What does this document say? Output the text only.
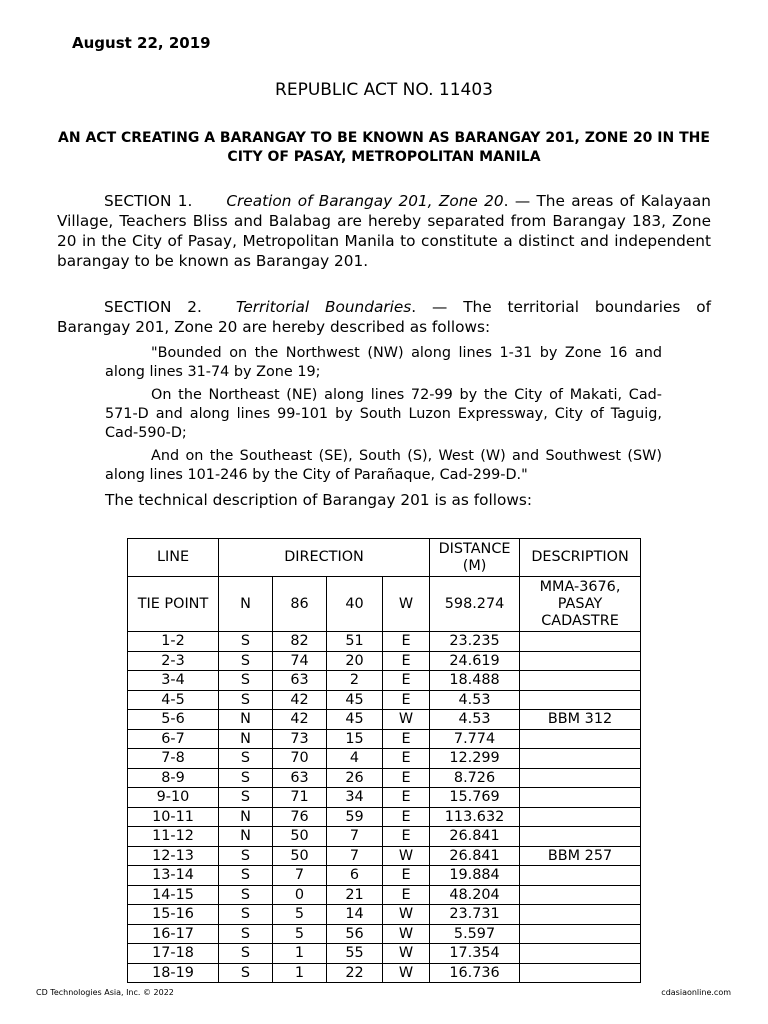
August 22, 2019
REPUBLIC ACT NO. 11403
AN ACT CREATING A BARANGAY TO BE KNOWN AS BARANGAY 201, ZONE 20 IN THE CITY OF PASAY, METROPOLITAN MANILA

SECTION 1. Creation of Barangay 201, Zone 20. — The areas of Kalayaan Village, Teachers Bliss and Balabag are hereby separated from Barangay 183, Zone 20 in the City of Pasay, Metropolitan Manila to constitute a distinct and independent barangay to be known as Barangay 201.

SECTION 2. Territorial Boundaries. — The territorial boundaries of Barangay 201, Zone 20 are hereby described as follows:

"Bounded on the Northwest (NW) along lines 1-31 by Zone 16 and along lines 31-74 by Zone 19;

On the Northeast (NE) along lines 72-99 by the City of Makati, Cad-571-D and along lines 99-101 by South Luzon Expressway, City of Taguig, Cad-590-D;

And on the Southeast (SE), South (S), West (W) and Southwest (SW) along lines 101-246 by the City of Parañaque, Cad-299-D."

The technical description of Barangay 201 is as follows:

LINE	DIRECTION				DISTANCE (M)	DESCRIPTION
TIE POINT	N	86	40	W	598.274	MMA-3676, PASAY CADASTRE
1-2	S	82	51	E	23.235	
2-3	S	74	20	E	24.619	
3-4	S	63	2	E	18.488	
4-5	S	42	45	E	4.53	
5-6	N	42	45	W	4.53	BBM 312
6-7	N	73	15	E	7.774	
7-8	S	70	4	E	12.299	
8-9	S	63	26	E	8.726	
9-10	S	71	34	E	15.769	
10-11	N	76	59	E	113.632	
11-12	N	50	7	E	26.841	
12-13	S	50	7	W	26.841	BBM 257
13-14	S	7	6	E	19.884	
14-15	S	0	21	E	48.204	
15-16	S	5	14	W	23.731	
16-17	S	5	56	W	5.597	
17-18	S	1	55	W	17.354	
18-19	S	1	22	W	16.736	
CD Technologies Asia, Inc. © 2022	cdasiaonline.com
